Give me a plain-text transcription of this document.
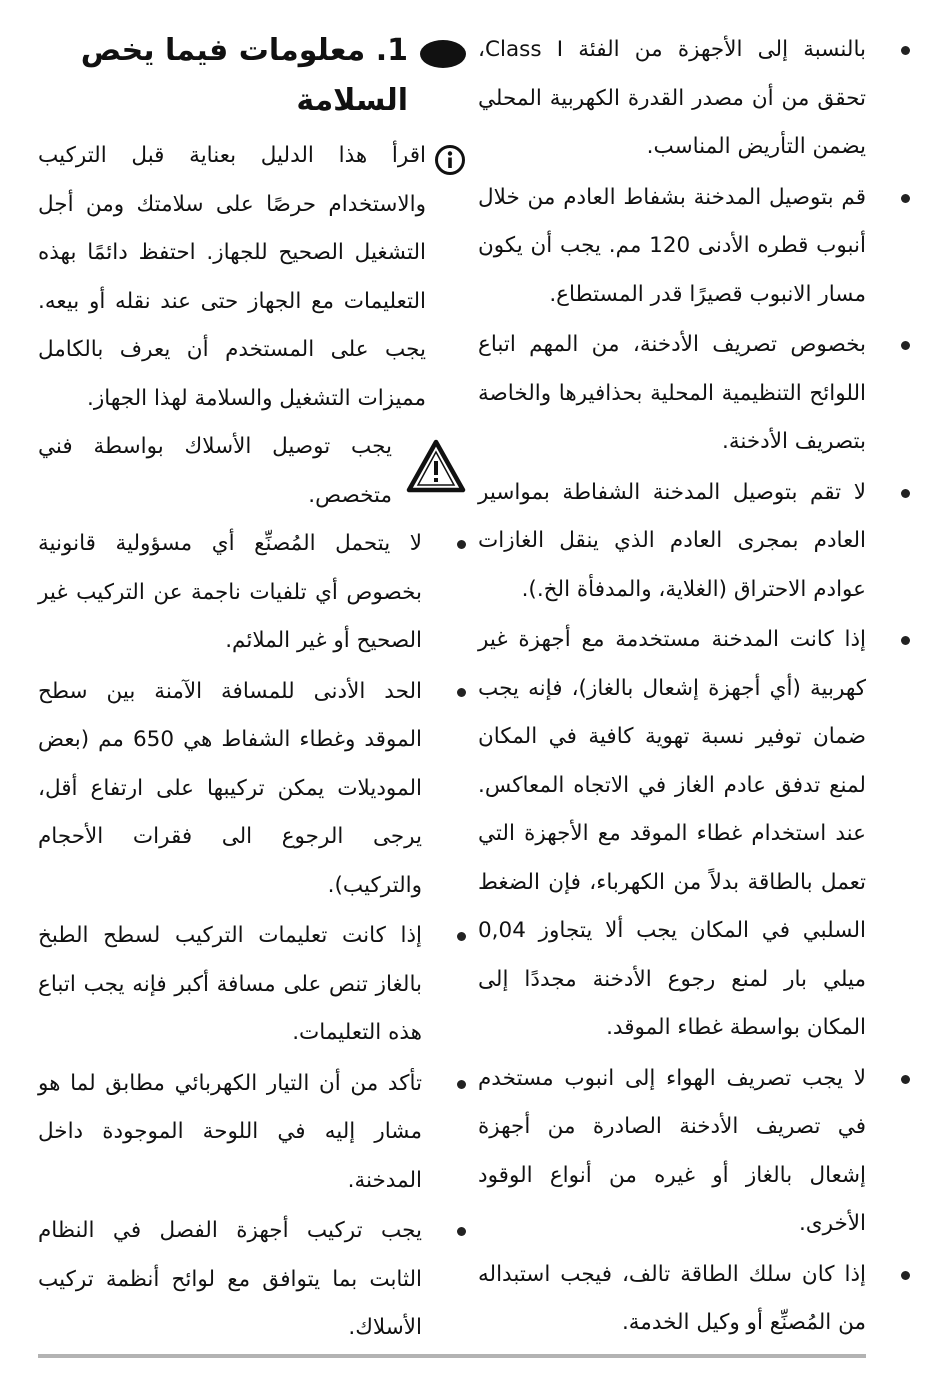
بالنسبة إلى الأجهزة من الفئة Class I، تحقق من أن مصدر القدرة الكهربية المحلي يضمن التأريض المناسب.
قم بتوصيل المدخنة بشفاط العادم من خلال أنبوب قطره الأدنى 120 مم. يجب أن يكون مسار الانبوب قصيرًا قدر المستطاع.
بخصوص تصريف الأدخنة، من المهم اتباع اللوائح التنظيمية المحلية بحذافيرها والخاصة بتصريف الأدخنة.
لا تقم بتوصيل المدخنة الشفاطة بمواسير العادم بمجرى العادم الذي ينقل الغازات عوادم الاحتراق (الغلاية، والمدفأة الخ.).
إذا كانت المدخنة مستخدمة مع أجهزة غير كهربية (أي أجهزة إشعال بالغاز)، فإنه يجب ضمان توفير نسبة تهوية كافية في المكان لمنع تدفق عادم الغاز في الاتجاه المعاكس. عند استخدام غطاء الموقد مع الأجهزة التي تعمل بالطاقة بدلاً من الكهرباء، فإن الضغط السلبي في المكان يجب ألا يتجاوز 0,04 ميلي بار لمنع رجوع الأدخنة مجددًا إلى المكان بواسطة غطاء الموقد.
لا يجب تصريف الهواء إلى انبوب مستخدم في تصريف الأدخنة الصادرة من أجهزة إشعال بالغاز أو غيره من أنواع الوقود الأخرى.
إذا كان سلك الطاقة تالف، فيجب استبداله من المُصنِّع أو وكيل الخدمة.
1. معلومات فيما يخص السلامة

اقرأ هذا الدليل بعناية قبل التركيب والاستخدام حرصًا على سلامتك ومن أجل التشغيل الصحيح للجهاز. احتفظ دائمًا بهذه التعليمات مع الجهاز حتى عند نقله أو بيعه. يجب على المستخدم أن يعرف بالكامل مميزات التشغيل والسلامة لهذا الجهاز.

يجب توصيل الأسلاك بواسطة فني متخصص.

لا يتحمل المُصنِّع أي مسؤولية قانونية بخصوص أي تلفيات ناجمة عن التركيب غير الصحيح أو غير الملائم.
الحد الأدنى للمسافة الآمنة بين سطح الموقد وغطاء الشفاط هي 650 مم (بعض الموديلات يمكن تركيبها على ارتفاع أقل، يرجى الرجوع الى فقرات الأحجام والتركيب).
إذا كانت تعليمات التركيب لسطح الطبخ بالغاز تنص على مسافة أكبر فإنه يجب اتباع هذه التعليمات.
تأكد من أن التيار الكهربائي مطابق لما هو مشار إليه في اللوحة الموجودة داخل المدخنة.
يجب تركيب أجهزة الفصل في النظام الثابت بما يتوافق مع لوائح أنظمة تركيب الأسلاك.
